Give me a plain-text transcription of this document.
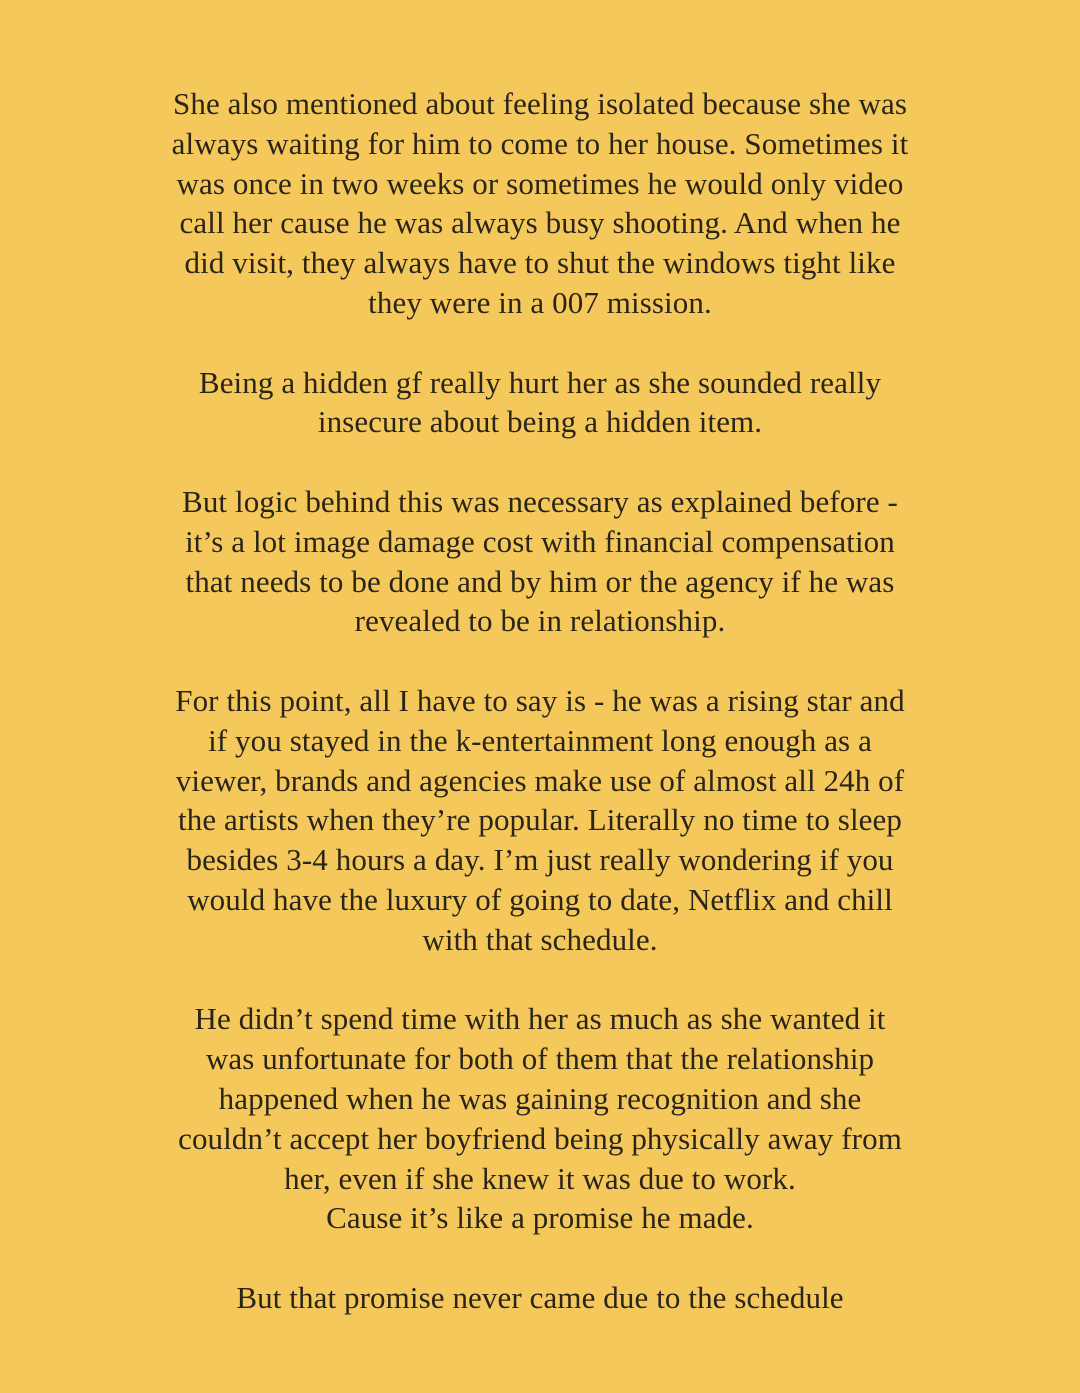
She also mentioned about feeling isolated because she was
always waiting for him to come to her house. Sometimes it
was once in two weeks or sometimes he would only video
call her cause he was always busy shooting. And when he
did visit, they always have to shut the windows tight like
they were in a 007 mission.

Being a hidden gf really hurt her as she sounded really
insecure about being a hidden item.

But logic behind this was necessary as explained before -
it’s a lot image damage cost with financial compensation
that needs to be done and by him or the agency if he was
revealed to be in relationship.

For this point, all I have to say is - he was a rising star and
if you stayed in the k-entertainment long enough as a
viewer, brands and agencies make use of almost all 24h of
the artists when they’re popular. Literally no time to sleep
besides 3-4 hours a day. I’m just really wondering if you
would have the luxury of going to date, Netflix and chill
with that schedule.

He didn’t spend time with her as much as she wanted it
was unfortunate for both of them that the relationship
happened when he was gaining recognition and she
couldn’t accept her boyfriend being physically away from
her, even if she knew it was due to work.
Cause it’s like a promise he made.

But that promise never came due to the schedule
